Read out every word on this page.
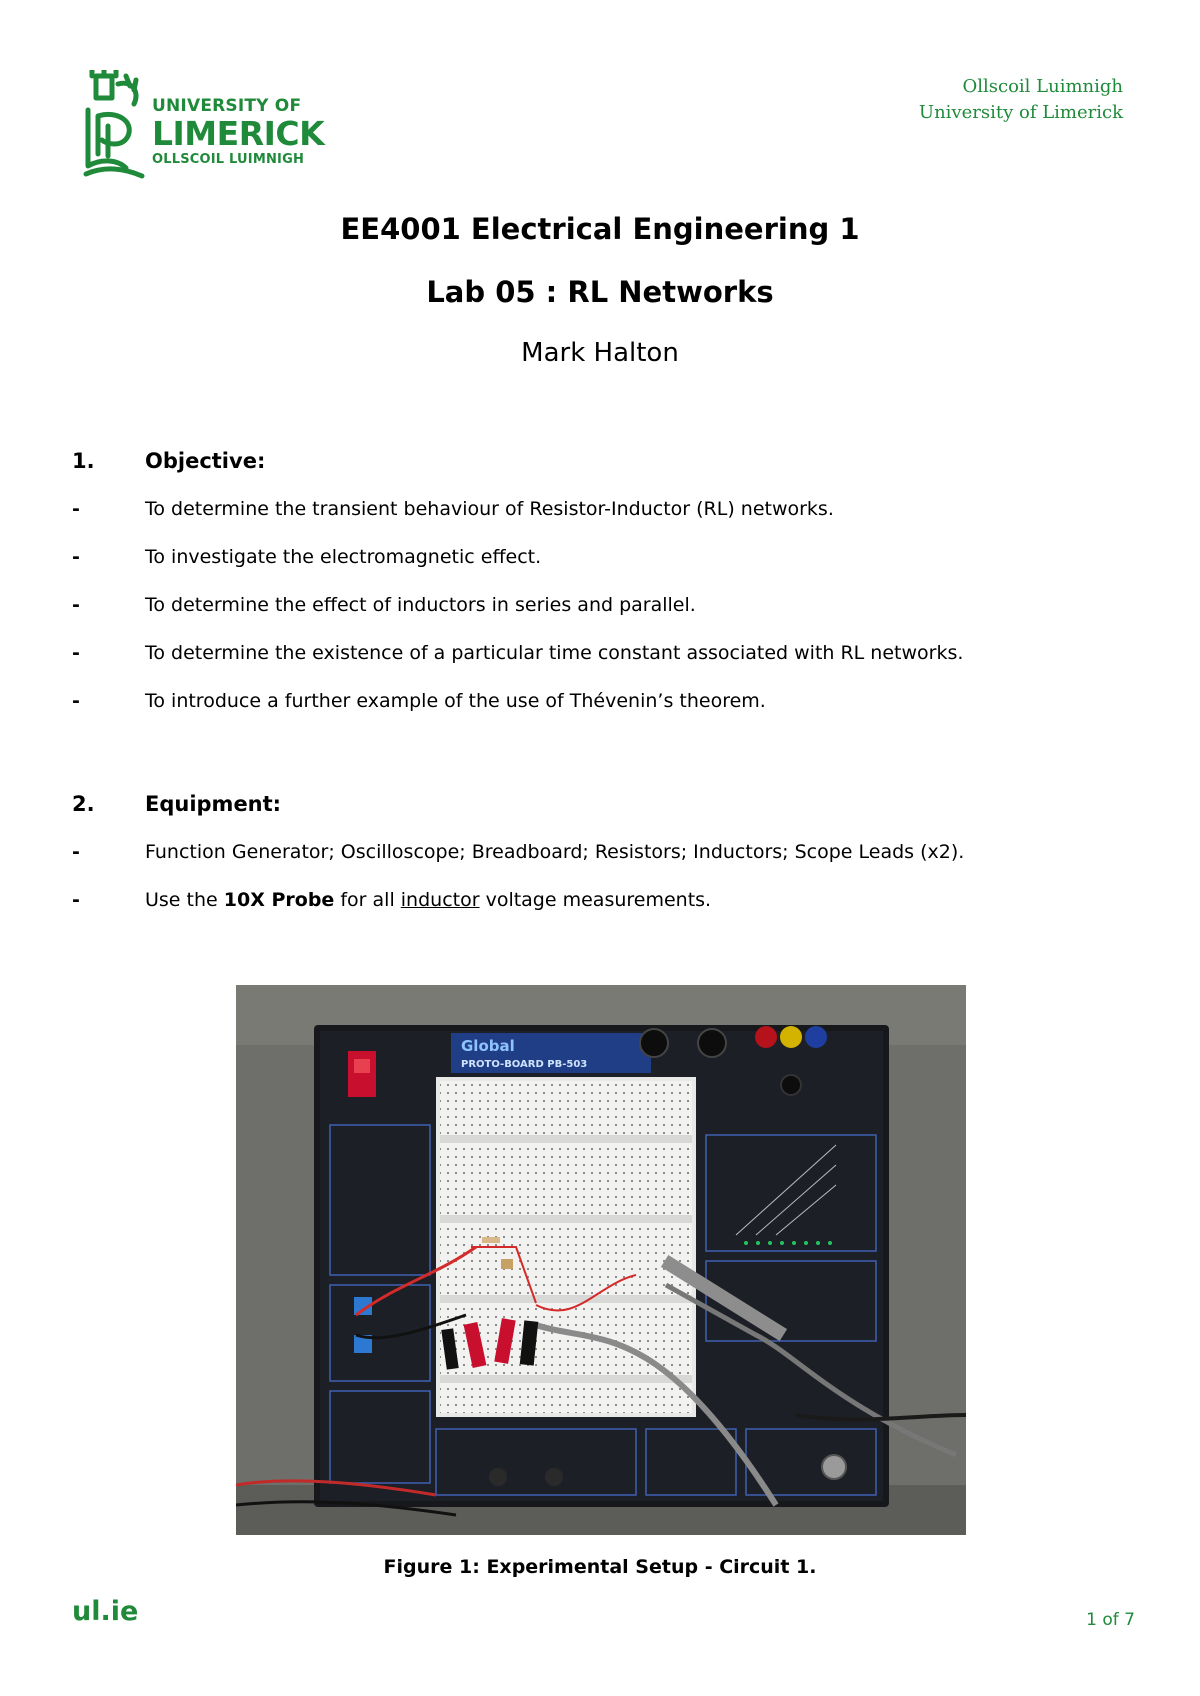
UNIVERSITY OF
LIMERICK
OLLSCOIL LUIMNIGH
Ollscoil Luimnigh
University of Limerick
EE4001 Electrical Engineering 1
Lab 05 : RL Networks
Mark Halton
1.	Objective:
-	To determine the transient behaviour of Resistor-Inductor (RL) networks.
-	To investigate the electromagnetic effect.
-	To determine the effect of inductors in series and parallel.
-	To determine the existence of a particular time constant associated with RL networks.
-	To introduce a further example of the use of Thévenin’s theorem.
2.	Equipment:
-	Function Generator; Oscilloscope; Breadboard; Resistors; Inductors; Scope Leads (x2).
-	Use the 10X Probe for all inductor voltage measurements.
Global
PROTO-BOARD PB-503
Figure 1: Experimental Setup - Circuit 1.
ul.ie	1 of 7
